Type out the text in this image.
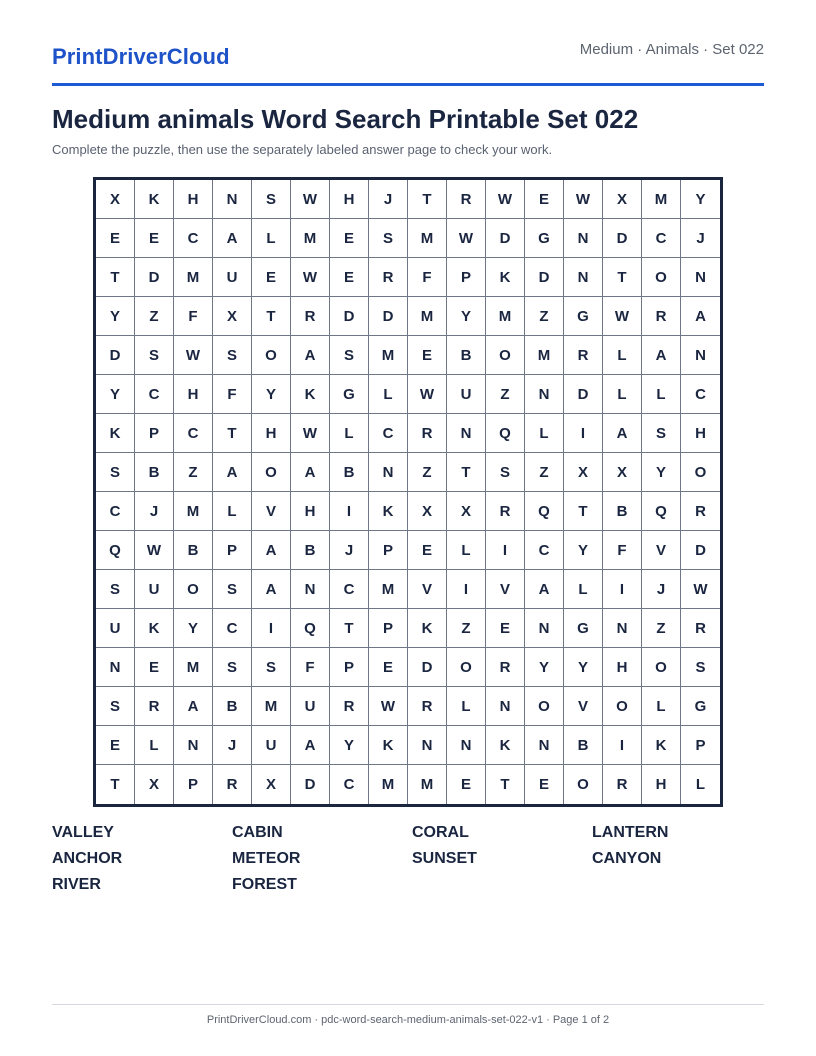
PrintDriverCloud	Medium · Animals · Set 022
Medium animals Word Search Printable Set 022
Complete the puzzle, then use the separately labeled answer page to check your work.
X	K	H	N	S	W	H	J	T	R	W	E	W	X	M	Y
E	E	C	A	L	M	E	S	M	W	D	G	N	D	C	J
T	D	M	U	E	W	E	R	F	P	K	D	N	T	O	N
Y	Z	F	X	T	R	D	D	M	Y	M	Z	G	W	R	A
D	S	W	S	O	A	S	M	E	B	O	M	R	L	A	N
Y	C	H	F	Y	K	G	L	W	U	Z	N	D	L	L	C
K	P	C	T	H	W	L	C	R	N	Q	L	I	A	S	H
S	B	Z	A	O	A	B	N	Z	T	S	Z	X	X	Y	O
C	J	M	L	V	H	I	K	X	X	R	Q	T	B	Q	R
Q	W	B	P	A	B	J	P	E	L	I	C	Y	F	V	D
S	U	O	S	A	N	C	M	V	I	V	A	L	I	J	W
U	K	Y	C	I	Q	T	P	K	Z	E	N	G	N	Z	R
N	E	M	S	S	F	P	E	D	O	R	Y	Y	H	O	S
S	R	A	B	M	U	R	W	R	L	N	O	V	O	L	G
E	L	N	J	U	A	Y	K	N	N	K	N	B	I	K	P
T	X	P	R	X	D	C	M	M	E	T	E	O	R	H	L
VALLEY	CABIN	CORAL	LANTERN
ANCHOR	METEOR	SUNSET	CANYON
RIVER	FOREST
PrintDriverCloud.com · pdc-word-search-medium-animals-set-022-v1 · Page 1 of 2
